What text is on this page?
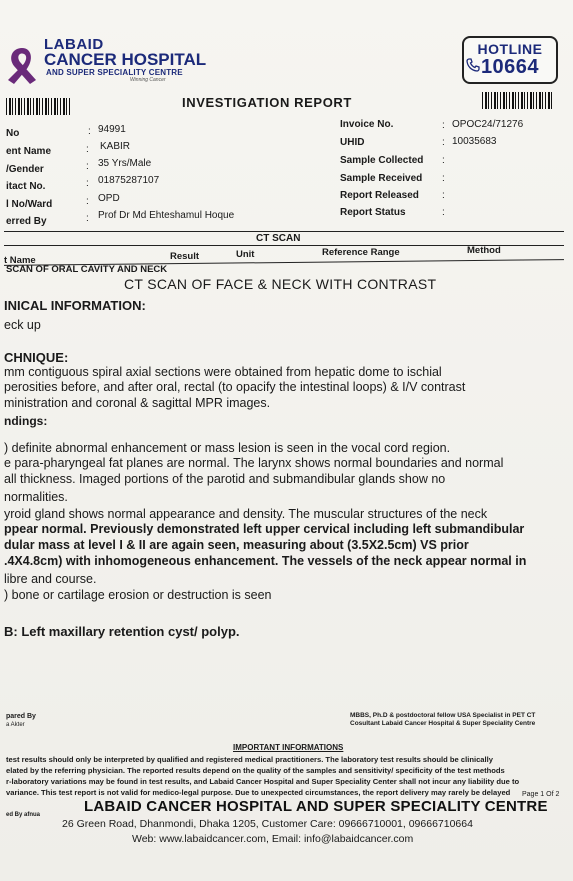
LABAID
CANCER HOSPITAL
AND SUPER SPECIALITY CENTRE
Winning Cancer
HOTLINE
10664
INVESTIGATION REPORT
No	: 94991
ent Name	: KABIR
/Gender	: 35 Yrs/Male
itact No.	: 01875287107
l No/Ward	: OPD
erred By	: Prof Dr Md Ehteshamul Hoque
Invoice No.	: OPOC24/71276
UHID	: 10035683
Sample Collected :
Sample Received :
Report Released :
Report Status	:
CT SCAN
t Name	Result	Unit	Reference Range	Method
SCAN OF ORAL CAVITY AND NECK
CT SCAN OF FACE & NECK WITH CONTRAST
INICAL INFORMATION:
eck up
CHNIQUE:
mm contiguous spiral axial sections were obtained from hepatic dome to ischial
perosities before, and after oral, rectal (to opacify the intestinal loops) & I/V contrast
ministration and coronal & sagittal MPR images.
ndings:
) definite abnormal enhancement or mass lesion is seen in the vocal cord region.
e para-pharyngeal fat planes are normal. The larynx shows normal boundaries and normal
all thickness. Imaged portions of the parotid and submandibular glands show no
normalities.
yroid gland shows normal appearance and density. The muscular structures of the neck
ppear normal. Previously demonstrated left upper cervical including left submandibular
dular mass at level I & II are again seen, measuring about (3.5X2.5cm) VS prior
.4X4.8cm) with inhomogeneous enhancement. The vessels of the neck appear normal in
libre and course.
) bone or cartilage erosion or destruction is seen
B: Left maxillary retention cyst/ polyp.
pared By
a Akter
MBBS, Ph.D & postdoctoral fellow USA Specialist in PET CT
Cosultant Labaid Cancer Hospital & Super Speciality Centre
IMPORTANT INFORMATIONS
test results should only be interpreted by qualified and registered medical practitioners. The laboratory test results should be clinically
elated by the referring physician. The reported results depend on the quality of the samples and sensitivity/ specificity of the test methods
r-laboratory variations may be found in test results, and Labaid Cancer Hospital and Super Speciality Center shall not incur any liability due to
variance. This test report is not valid for medico-legal purpose. Due to unexpected circumstances, the report delivery may rarely be delayed
ed By afnua
Page 1 Of 2
LABAID CANCER HOSPITAL AND SUPER SPECIALITY CENTRE
26 Green Road, Dhanmondi, Dhaka 1205, Customer Care: 09666710001, 09666710664
Web: www.labaidcancer.com, Email: info@labaidcancer.com
